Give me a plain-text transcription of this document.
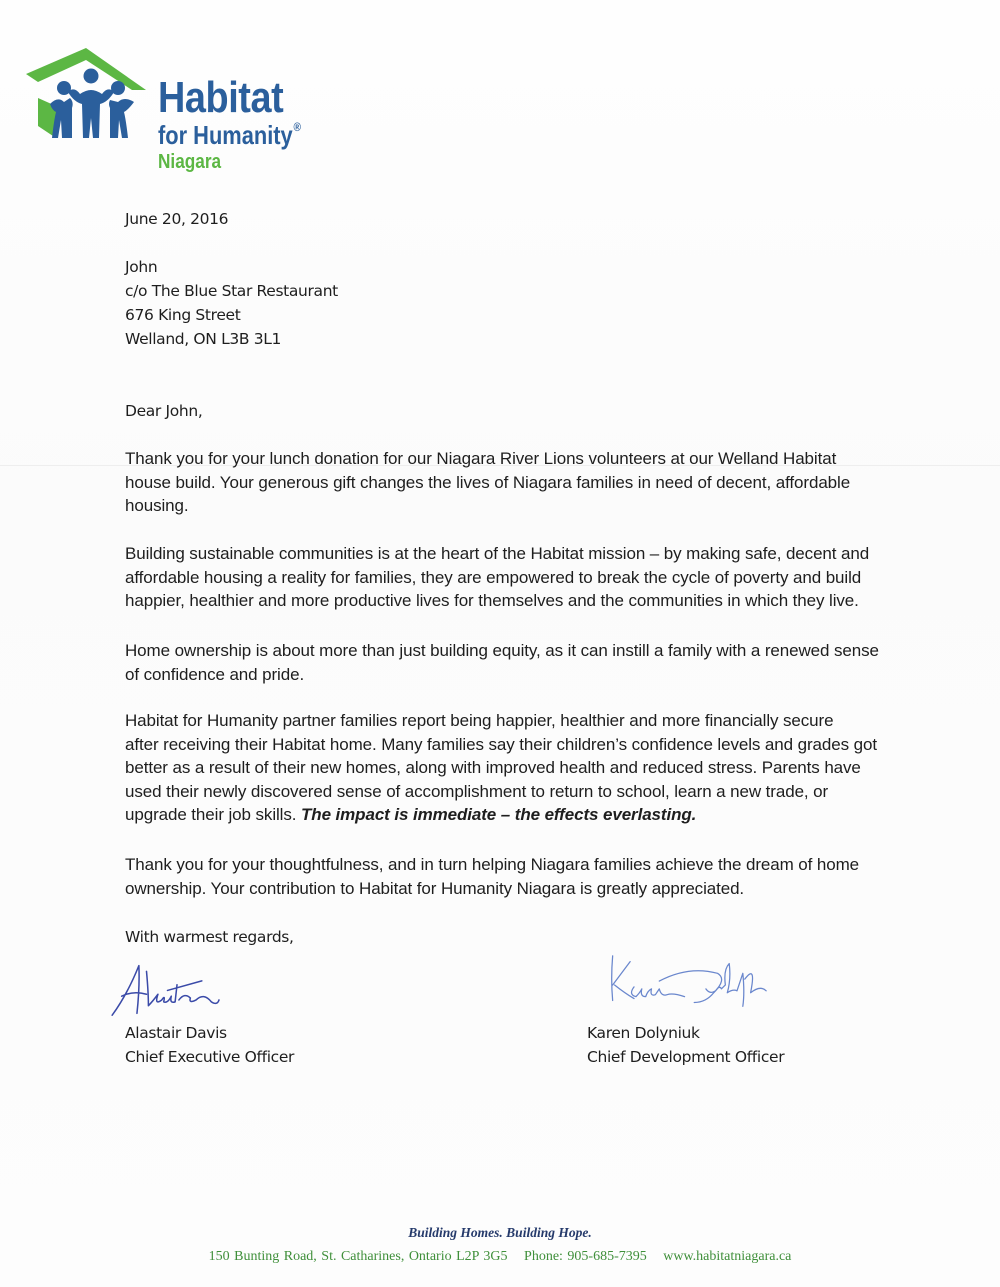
Habitat
for Humanity®
Niagara
June 20, 2016
John
c/o The Blue Star Restaurant
676 King Street
Welland, ON L3B 3L1
Dear John,
Thank you for your lunch donation for our Niagara River Lions volunteers at our Welland Habitat
house build. Your generous gift changes the lives of Niagara families in need of decent, affordable
housing.
Building sustainable communities is at the heart of the Habitat mission – by making safe, decent and
affordable housing a reality for families, they are empowered to break the cycle of poverty and build
happier, healthier and more productive lives for themselves and the communities in which they live.
Home ownership is about more than just building equity, as it can instill a family with a renewed sense
of confidence and pride.
Habitat for Humanity partner families report being happier, healthier and more financially secure
after receiving their Habitat home. Many families say their children’s confidence levels and grades got
better as a result of their new homes, along with improved health and reduced stress. Parents have
used their newly discovered sense of accomplishment to return to school, learn a new trade, or
upgrade their job skills. The impact is immediate – the effects everlasting.
Thank you for your thoughtfulness, and in turn helping Niagara families achieve the dream of home
ownership. Your contribution to Habitat for Humanity Niagara is greatly appreciated.
With warmest regards,
Alastair Davis
Chief Executive Officer
Karen Dolyniuk
Chief Development Officer
Building Homes. Building Hope.
150 Bunting Road, St. Catharines, Ontario L2P 3G5 Phone: 905-685-7395 www.habitatniagara.ca
